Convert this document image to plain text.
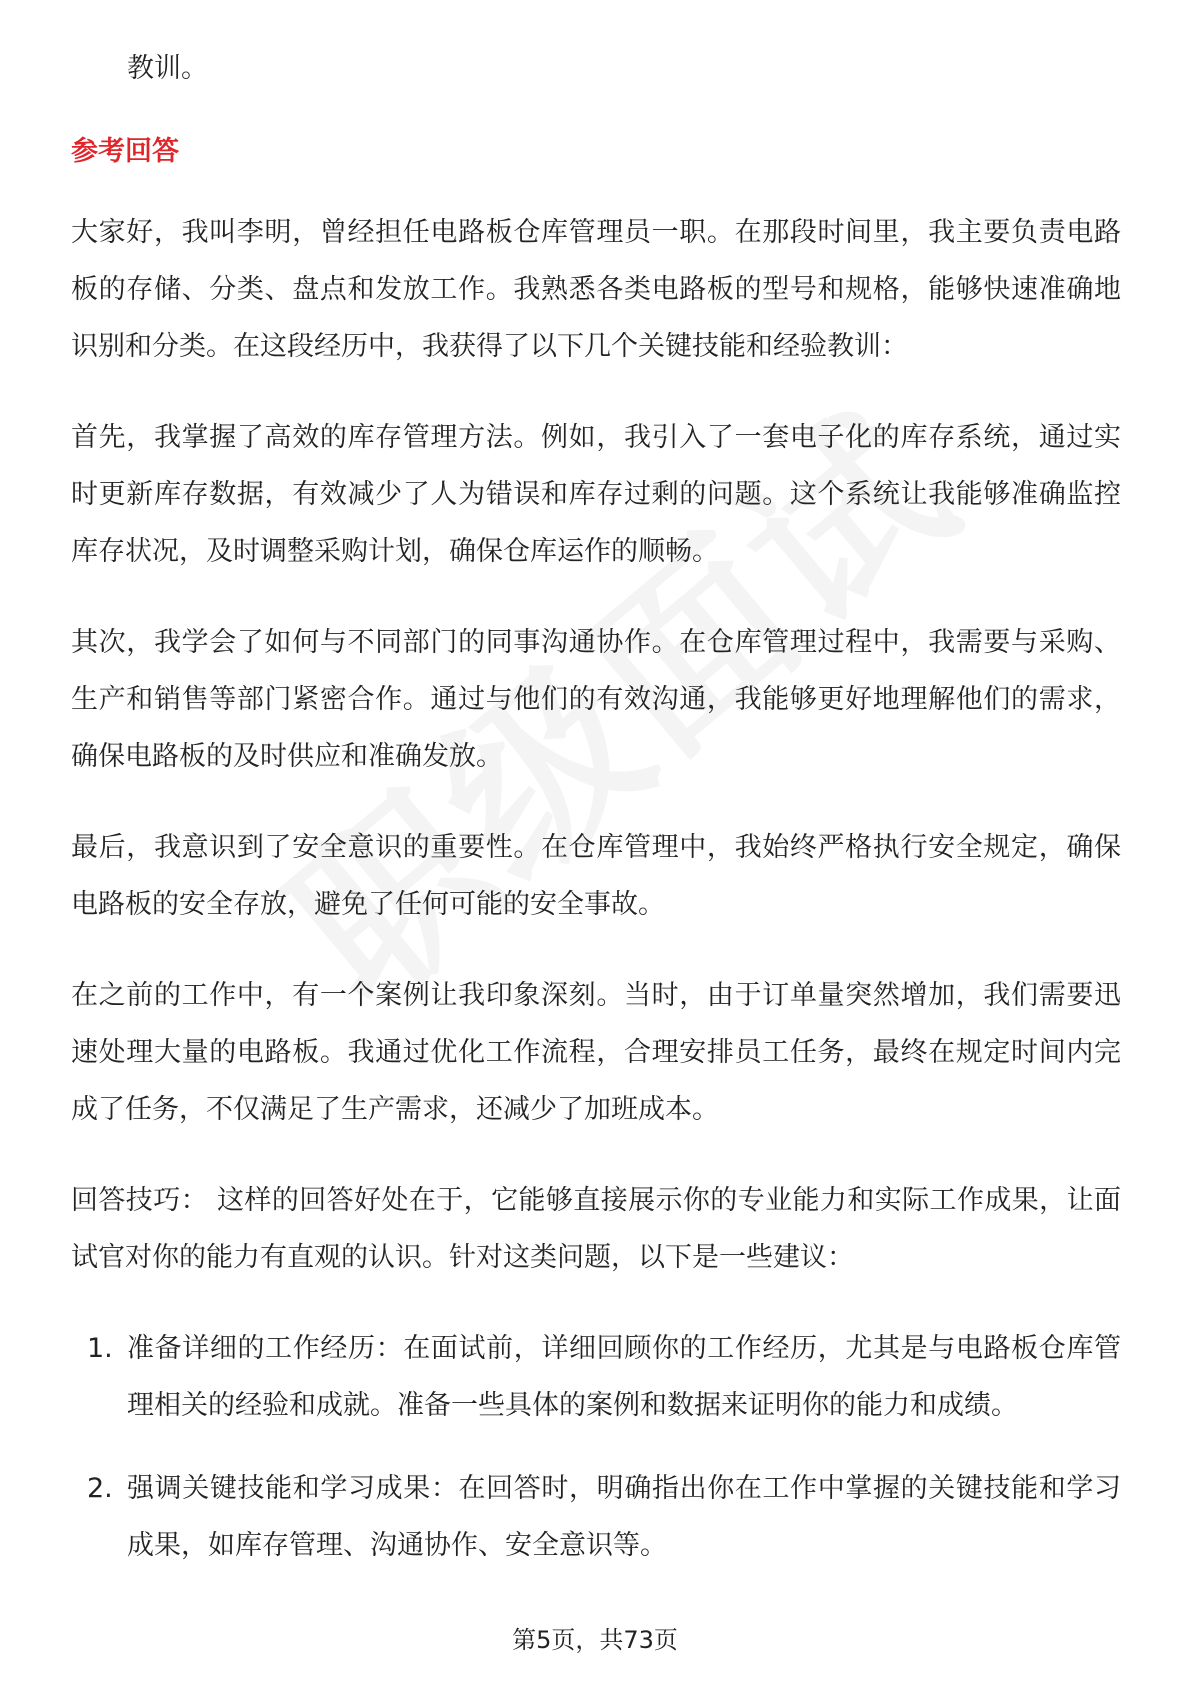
教训。
参考回答
大家好，我叫李明，曾经担任电路板仓库管理员一职。在那段时间里，我主要负责电路板的存储、分类、盘点和发放工作。我熟悉各类电路板的型号和规格，能够快速准确地识别和分类。在这段经历中，我获得了以下几个关键技能和经验教训：
首先，我掌握了高效的库存管理方法。例如，我引入了一套电子化的库存系统，通过实时更新库存数据，有效减少了人为错误和库存过剩的问题。这个系统让我能够准确监控库存状况，及时调整采购计划，确保仓库运作的顺畅。
其次，我学会了如何与不同部门的同事沟通协作。在仓库管理过程中，我需要与采购、生产和销售等部门紧密合作。通过与他们的有效沟通，我能够更好地理解他们的需求，确保电路板的及时供应和准确发放。
最后，我意识到了安全意识的重要性。在仓库管理中，我始终严格执行安全规定，确保电路板的安全存放，避免了任何可能的安全事故。
在之前的工作中，有一个案例让我印象深刻。当时，由于订单量突然增加，我们需要迅速处理大量的电路板。我通过优化工作流程，合理安排员工任务，最终在规定时间内完成了任务，不仅满足了生产需求，还减少了加班成本。
回答技巧： 这样的回答好处在于，它能够直接展示你的专业能力和实际工作成果，让面试官对你的能力有直观的认识。针对这类问题，以下是一些建议：
1. 准备详细的工作经历：在面试前，详细回顾你的工作经历，尤其是与电路板仓库管理相关的经验和成就。准备一些具体的案例和数据来证明你的能力和成绩。
2. 强调关键技能和学习成果：在回答时，明确指出你在工作中掌握的关键技能和学习成果，如库存管理、沟通协作、安全意识等。
第5页，共73页
